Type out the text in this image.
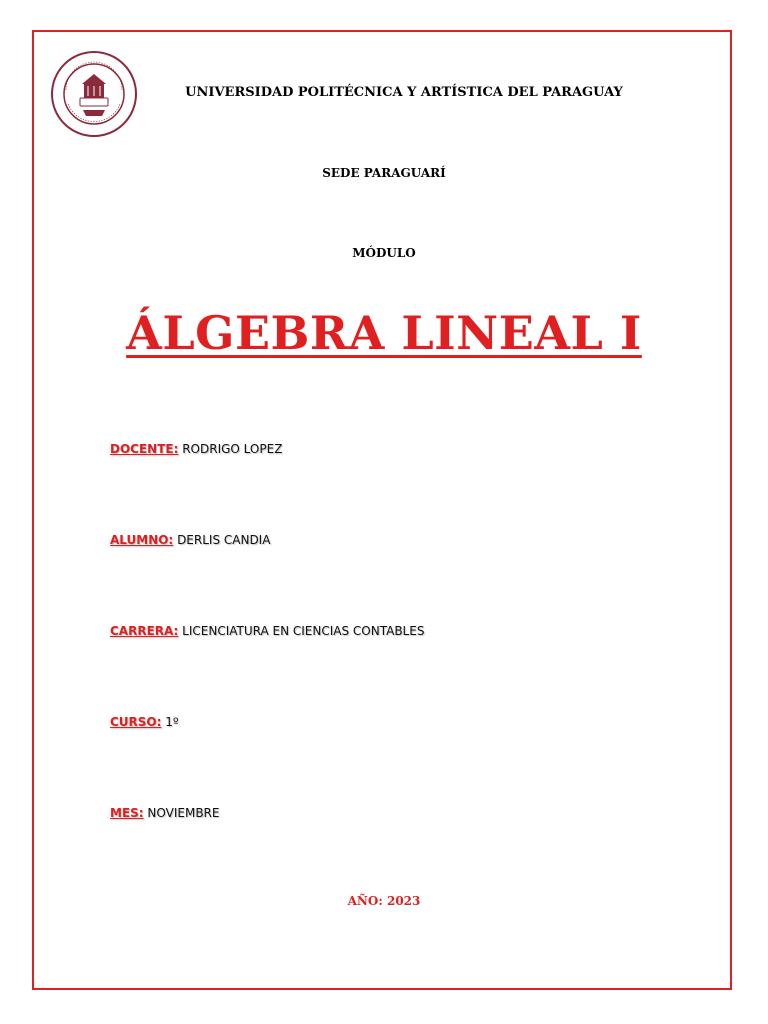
UNIVERSIDAD POLITÉCNICA Y ARTÍSTICA DEL PARAGUAY
SEDE PARAGUARÍ
MÓDULO
ÁLGEBRA LINEAL I
DOCENTE: RODRIGO LOPEZ
ALUMNO: DERLIS CANDIA
CARRERA: LICENCIATURA EN CIENCIAS CONTABLES
CURSO: 1º
MES: NOVIEMBRE
AÑO: 2023
